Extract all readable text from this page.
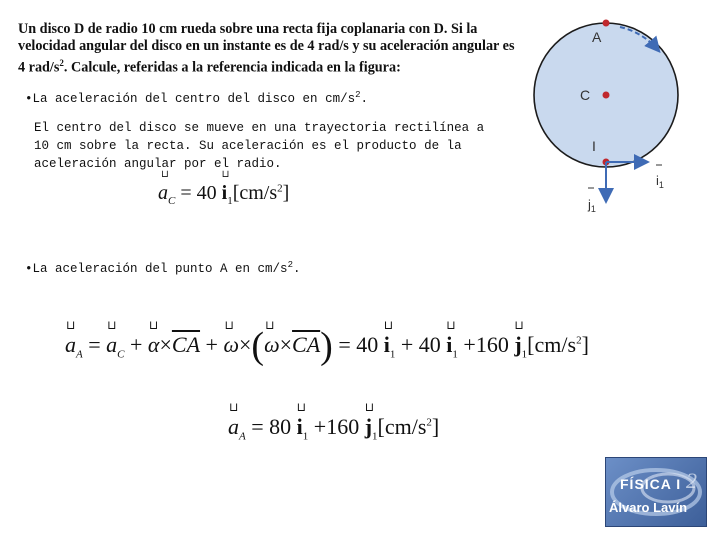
Un disco D de radio 10 cm rueda sobre una recta fija coplanaria con D. Si la
velocidad angular del disco en un instante es de 4 rad/s y su aceleración angular es
4 rad/$s^2$. Calcule, referidas a la referencia indicada en la figura:
•La aceleración del centro del disco en $cm/s^2$.
El centro del disco se mueve en una trayectoria rectilínea a 10 cm sobre la recta. Su aceleración es el producto de la aceleración angular por el radio.
⊔
$a_C = 40$
⊔
$i_1[cm/s^2]$
•La aceleración del punto A en $cm/s^2$.
⊔
$a_A$ =
⊔
$a_C$ +
⊔
$\alpha\times\overline{CA}$ +
⊔
ω×( ⊔
$\omega\times\overline{CA}) = 40$
⊔
$i_1 + 40$
⊔
$i_1 +160$
⊔
$j_1[cm/s^2]$
⊔
$a_A = 80$
⊔
$i_1 +160$
⊔
$j_1[cm/s^2]$
A
C
I
$i_1$
$j_1$
2
FÍSICA I
Álvaro Lavín
